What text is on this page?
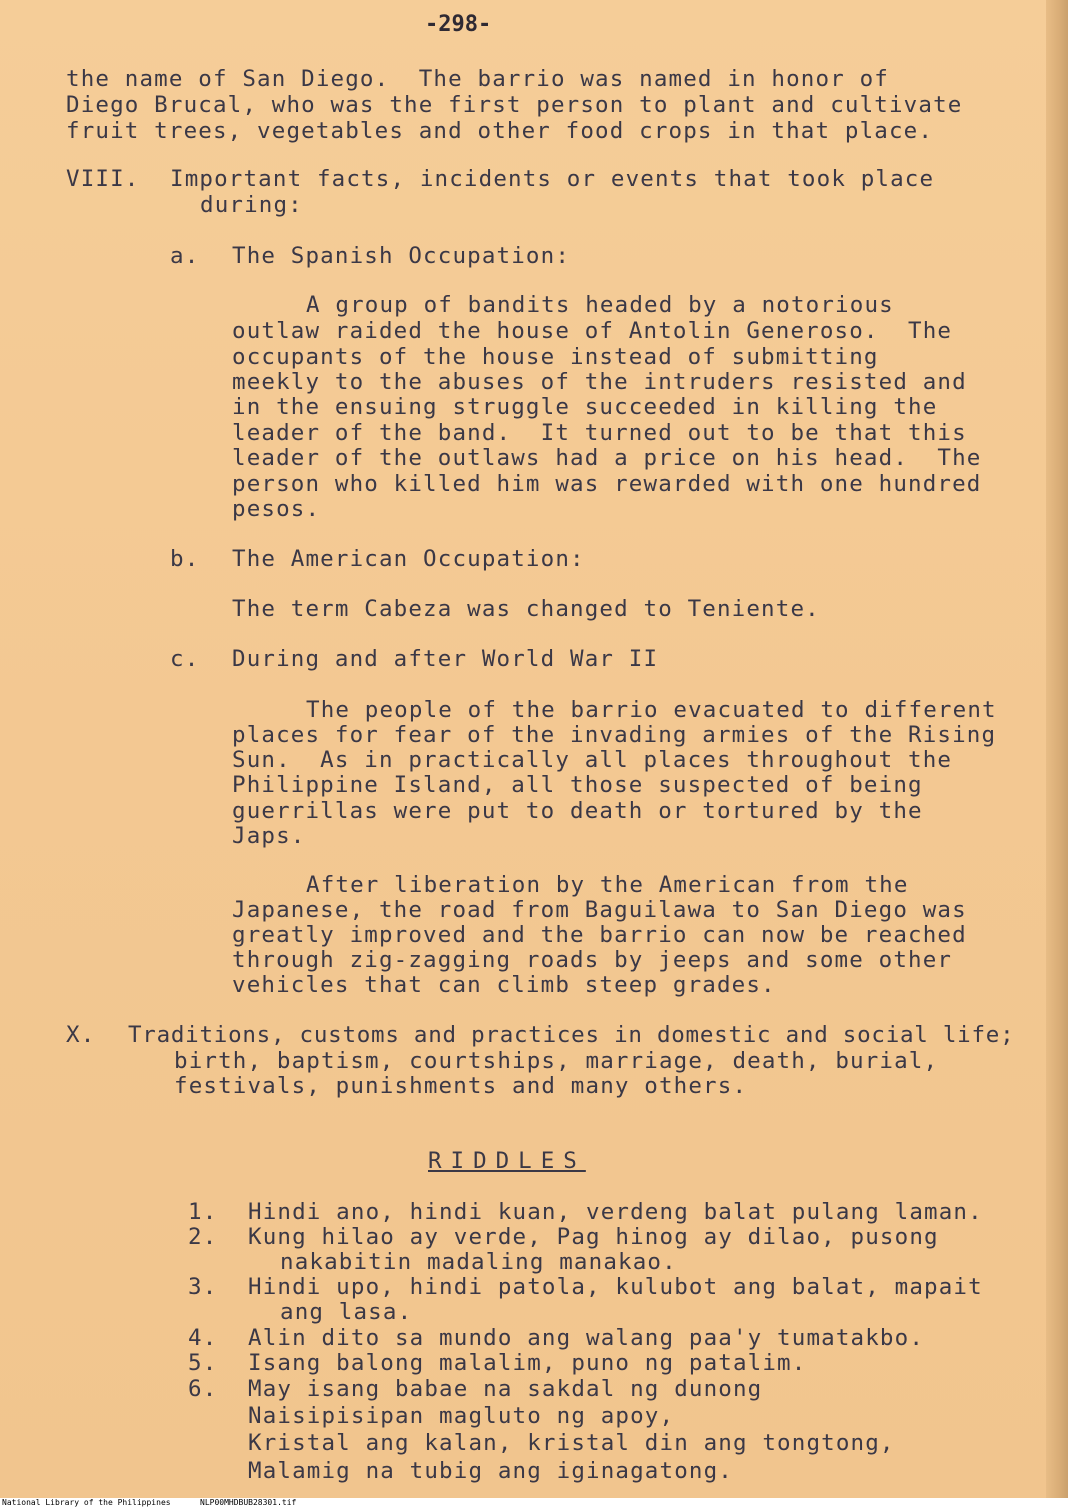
-298-
the name of San Diego.  The barrio was named in honor of
Diego Brucal, who was the first person to plant and cultivate
fruit trees, vegetables and other food crops in that place.
VIII. Important facts, incidents or events that took place
during:
a. The Spanish Occupation:
A group of bandits headed by a notorious
outlaw raided the house of Antolin Generoso.  The
occupants of the house instead of submitting
meekly to the abuses of the intruders resisted and
in the ensuing struggle succeeded in killing the
leader of the band.  It turned out to be that this
leader of the outlaws had a price on his head.  The
person who killed him was rewarded with one hundred
pesos.
b. The American Occupation:
The term Cabeza was changed to Teniente.
c. During and after World War II
The people of the barrio evacuated to different
places for fear of the invading armies of the Rising
Sun.  As in practically all places throughout the
Philippine Island, all those suspected of being
guerrillas were put to death or tortured by the
Japs.
After liberation by the American from the
Japanese, the road from Baguilawa to San Diego was
greatly improved and the barrio can now be reached
through zig-zagging roads by jeeps and some other
vehicles that can climb steep grades.
X. Traditions, customs and practices in domestic and social life;
birth, baptism, courtships, marriage, death, burial,
festivals, punishments and many others.
RIDDLES
1. Hindi ano, hindi kuan, verdeng balat pulang laman.
2. Kung hilao ay verde, Pag hinog ay dilao, pusong
nakabitin madaling manakao.
3. Hindi upo, hindi patola, kulubot ang balat, mapait
ang lasa.
4. Alin dito sa mundo ang walang paa'y tumatakbo.
5. Isang balong malalim, puno ng patalim.
6. May isang babae na sakdal ng dunong
Naisipisipan magluto ng apoy,
Kristal ang kalan, kristal din ang tongtong,
Malamig na tubig ang iginagatong.
National Library of the Philippines	NLP00MHDBUB28301.tif
